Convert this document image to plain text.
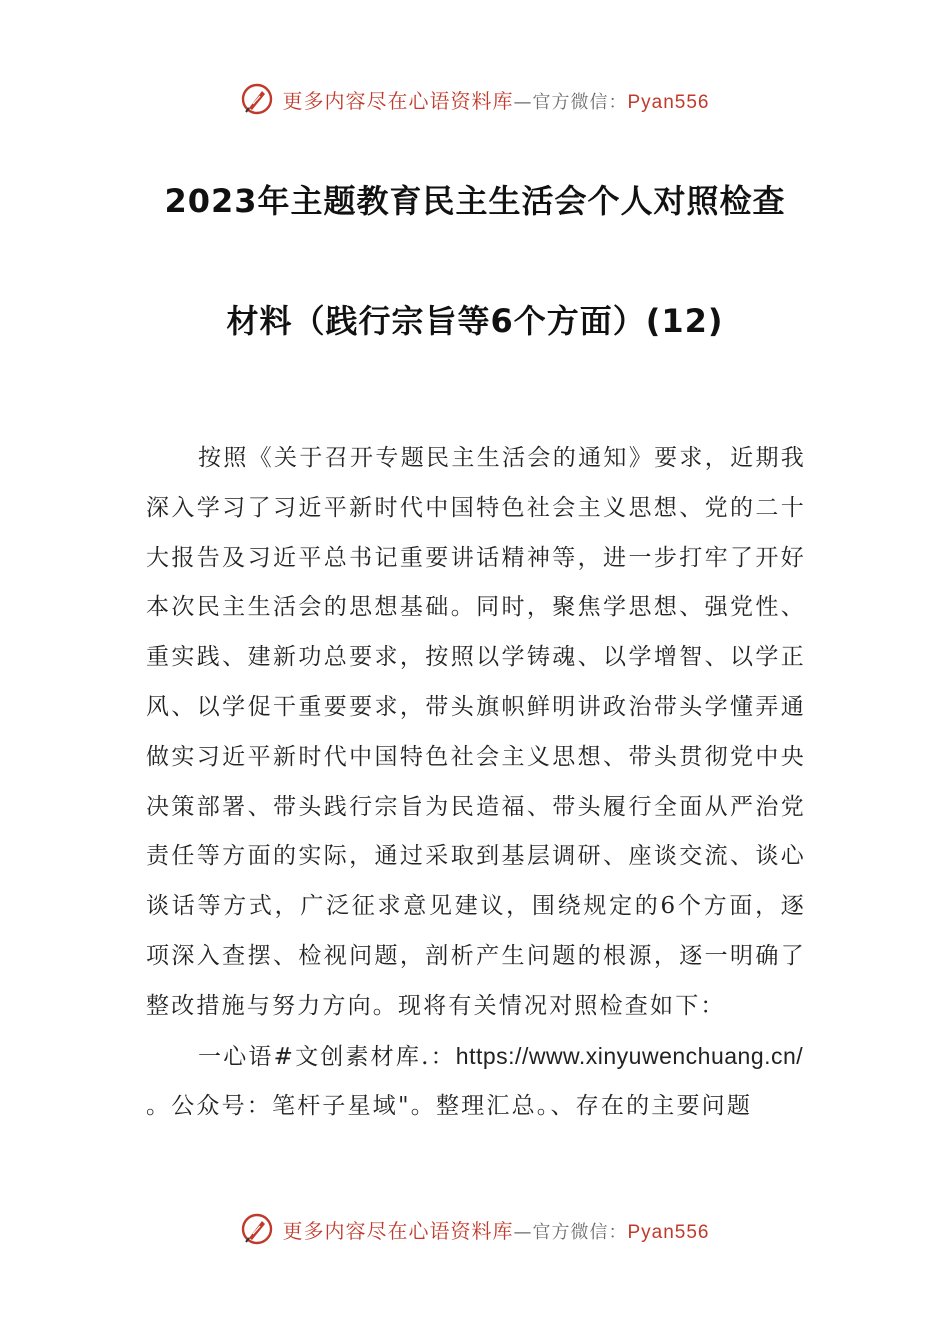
更多内容尽在心语资料库—官方微信：Pyan556
2023年主题教育民主生活会个人对照检查
材料（践行宗旨等6个方面）(12)

按照《关于召开专题民主生活会的通知》要求，近期我深入学习了习近平新时代中国特色社会主义思想、党的二十大报告及习近平总书记重要讲话精神等，进一步打牢了开好本次民主生活会的思想基础。同时，聚焦学思想、强党性、重实践、建新功总要求，按照以学铸魂、以学增智、以学正风、以学促干重要要求，带头旗帜鲜明讲政治带头学懂弄通做实习近平新时代中国特色社会主义思想、带头贯彻党中央决策部署、带头践行宗旨为民造福、带头履行全面从严治党责任等方面的实际，通过采取到基层调研、座谈交流、谈心谈话等方式，广泛征求意见建议，围绕规定的6个方面，逐项深入查摆、检视问题，剖析产生问题的根源，逐一明确了整改措施与努力方向。现将有关情况对照检查如下：

一心语#文创素材库.：https://www.xinyuwenchuang.cn/

。公众号：笔杆子星域"。整理汇总。、存在的主要问题

更多内容尽在心语资料库—官方微信：Pyan556
